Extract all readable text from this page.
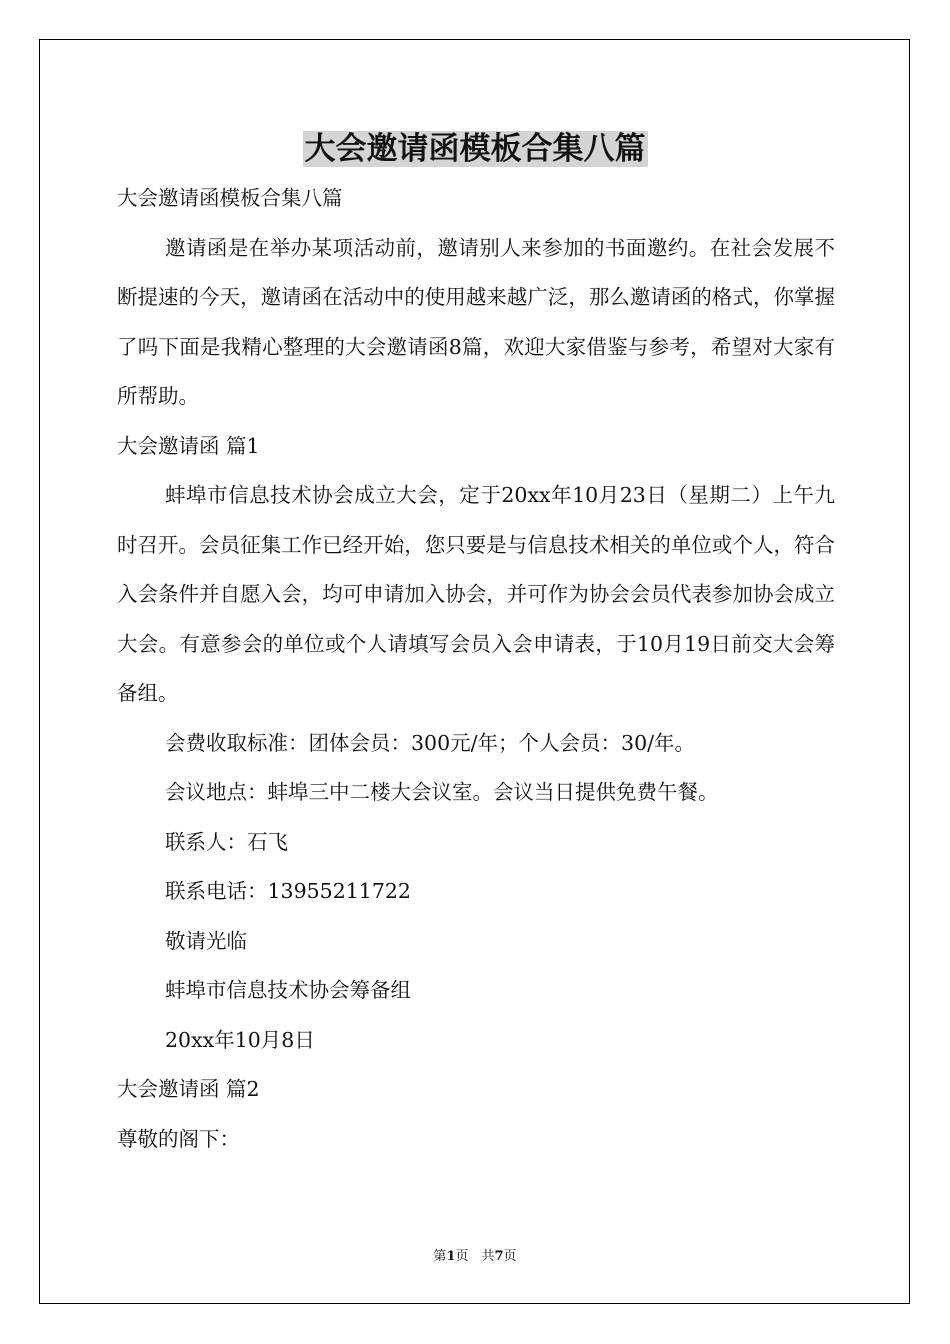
大会邀请函模板合集八篇

大会邀请函模板合集八篇

邀请函是在举办某项活动前，邀请别人来参加的书面邀约。在社会发展不断提速的今天，邀请函在活动中的使用越来越广泛，那么邀请函的格式，你掌握了吗下面是我精心整理的大会邀请函8篇，欢迎大家借鉴与参考，希望对大家有所帮助。

大会邀请函 篇1

蚌埠市信息技术协会成立大会，定于20xx年10月23日（星期二）上午九时召开。会员征集工作已经开始，您只要是与信息技术相关的单位或个人，符合入会条件并自愿入会，均可申请加入协会，并可作为协会会员代表参加协会成立大会。有意参会的单位或个人请填写会员入会申请表，于10月19日前交大会筹备组。

会费收取标准：团体会员：300元/年；个人会员：30/年。

会议地点：蚌埠三中二楼大会议室。会议当日提供免费午餐。

联系人：石飞

联系电话：13955211722

敬请光临

蚌埠市信息技术协会筹备组

20xx年10月8日

大会邀请函 篇2

尊敬的阁下：

第1页　共7页
